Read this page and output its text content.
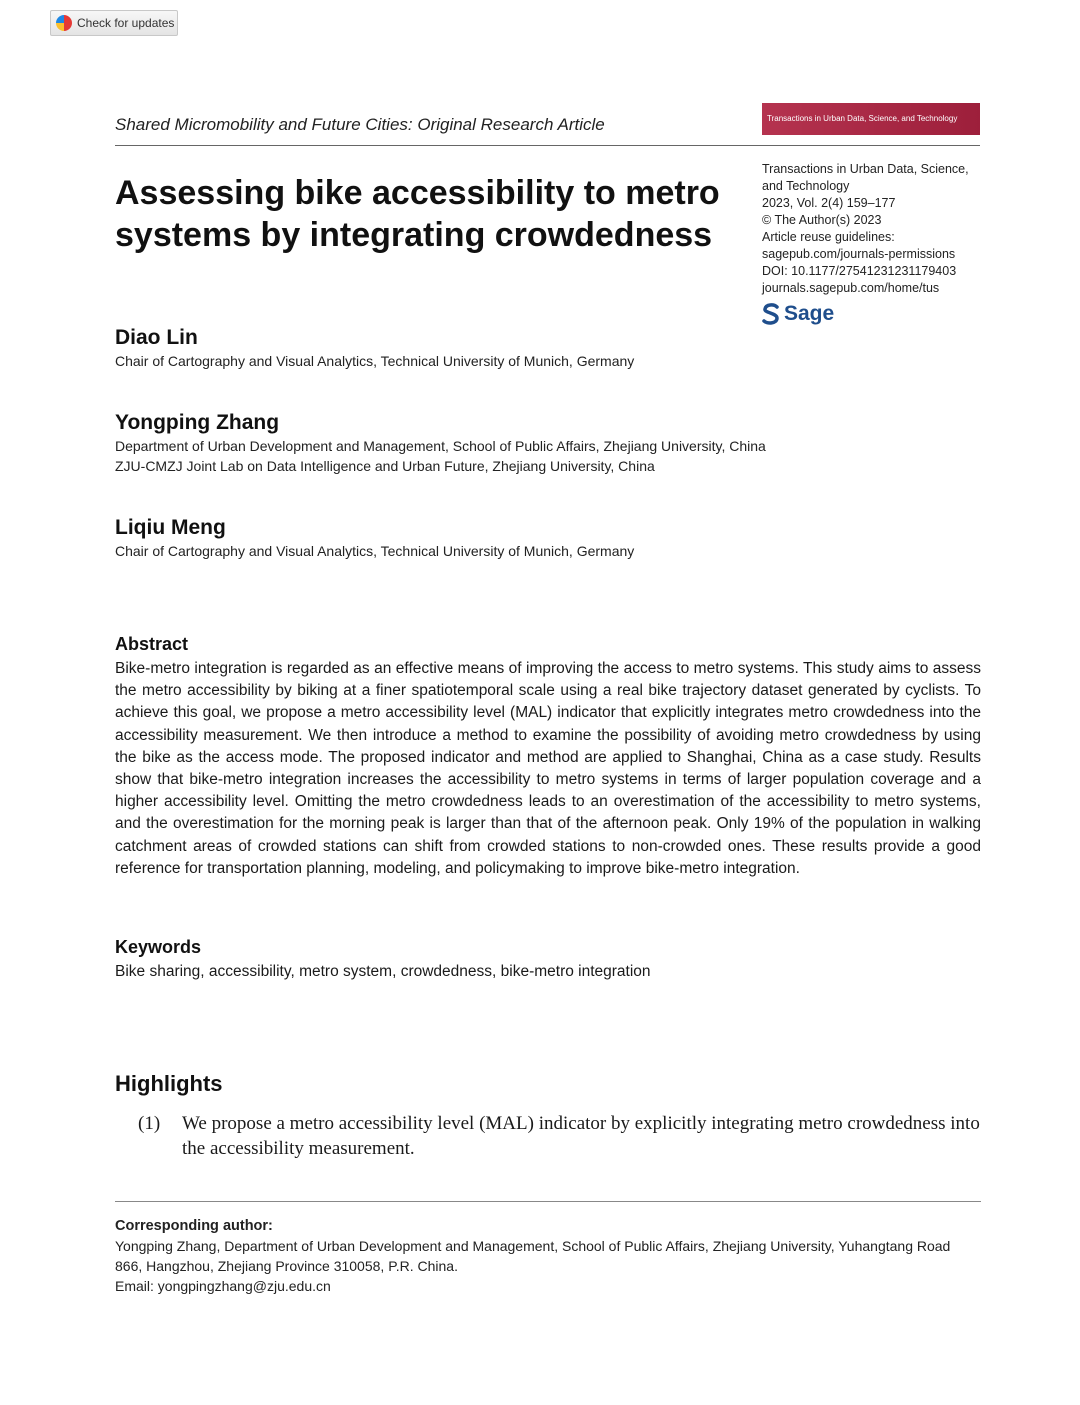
Check for updates
Shared Micromobility and Future Cities: Original Research Article	Transactions in Urban Data, Science, and Technology
Assessing bike accessibility to metro systems by integrating crowdedness
Transactions in Urban Data, Science,
and Technology
2023, Vol. 2(4) 159–177
© The Author(s) 2023
Article reuse guidelines:
sagepub.com/journals-permissions
DOI: 10.1177/27541231231179403
journals.sagepub.com/home/tus
Sage
Diao Lin
Chair of Cartography and Visual Analytics, Technical University of Munich, Germany
Yongping Zhang
Department of Urban Development and Management, School of Public Affairs, Zhejiang University, China
ZJU-CMZJ Joint Lab on Data Intelligence and Urban Future, Zhejiang University, China
Liqiu Meng
Chair of Cartography and Visual Analytics, Technical University of Munich, Germany
Abstract
Bike-metro integration is regarded as an effective means of improving the access to metro systems. This study aims to assess the metro accessibility by biking at a finer spatiotemporal scale using a real bike trajectory dataset generated by cyclists. To achieve this goal, we propose a metro accessibility level (MAL) indicator that explicitly integrates metro crowdedness into the accessibility measurement. We then introduce a method to examine the possibility of avoiding metro crowdedness by using the bike as the access mode. The proposed indicator and method are applied to Shanghai, China as a case study. Results show that bike-metro integration increases the accessibility to metro systems in terms of larger population coverage and a higher accessibility level. Omitting the metro crowdedness leads to an overestimation of the accessibility to metro systems, and the overestimation for the morning peak is larger than that of the afternoon peak. Only 19% of the population in walking catchment areas of crowded stations can shift from crowded stations to non-crowded ones. These results provide a good reference for transportation planning, modeling, and policymaking to improve bike-metro integration.
Keywords
Bike sharing, accessibility, metro system, crowdedness, bike-metro integration
Highlights
(1)	We propose a metro accessibility level (MAL) indicator by explicitly integrating metro crowdedness into the accessibility measurement.
Corresponding author:
Yongping Zhang, Department of Urban Development and Management, School of Public Affairs, Zhejiang University, Yuhangtang Road 866, Hangzhou, Zhejiang Province 310058, P.R. China.
Email: yongpingzhang@zju.edu.cn
